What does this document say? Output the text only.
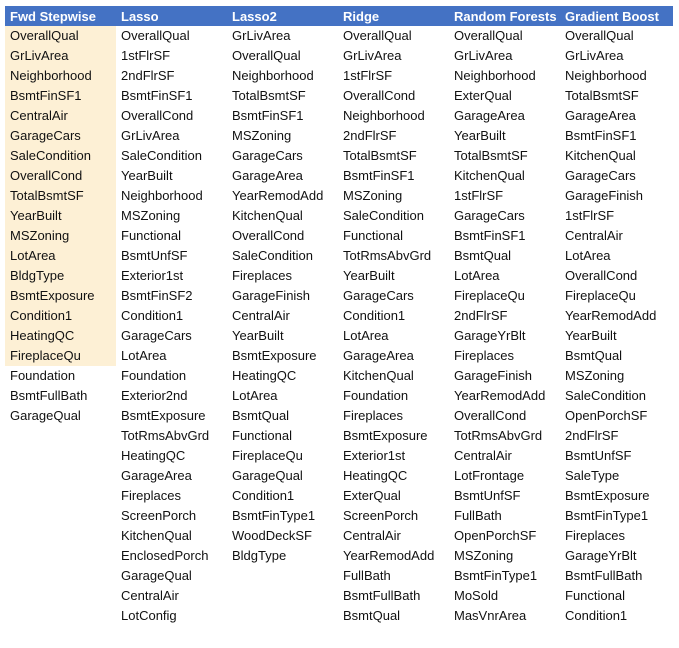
Fwd Stepwise	Lasso	Lasso2	Ridge	Random Forests	Gradient Boost
OverallQual	OverallQual	GrLivArea	OverallQual	OverallQual	OverallQual
GrLivArea	1stFlrSF	OverallQual	GrLivArea	GrLivArea	GrLivArea
Neighborhood	2ndFlrSF	Neighborhood	1stFlrSF	Neighborhood	Neighborhood
BsmtFinSF1	BsmtFinSF1	TotalBsmtSF	OverallCond	ExterQual	TotalBsmtSF
CentralAir	OverallCond	BsmtFinSF1	Neighborhood	GarageArea	GarageArea
GarageCars	GrLivArea	MSZoning	2ndFlrSF	YearBuilt	BsmtFinSF1
SaleCondition	SaleCondition	GarageCars	TotalBsmtSF	TotalBsmtSF	KitchenQual
OverallCond	YearBuilt	GarageArea	BsmtFinSF1	KitchenQual	GarageCars
TotalBsmtSF	Neighborhood	YearRemodAdd	MSZoning	1stFlrSF	GarageFinish
YearBuilt	MSZoning	KitchenQual	SaleCondition	GarageCars	1stFlrSF
MSZoning	Functional	OverallCond	Functional	BsmtFinSF1	CentralAir
LotArea	BsmtUnfSF	SaleCondition	TotRmsAbvGrd	BsmtQual	LotArea
BldgType	Exterior1st	Fireplaces	YearBuilt	LotArea	OverallCond
BsmtExposure	BsmtFinSF2	GarageFinish	GarageCars	FireplaceQu	FireplaceQu
Condition1	Condition1	CentralAir	Condition1	2ndFlrSF	YearRemodAdd
HeatingQC	GarageCars	YearBuilt	LotArea	GarageYrBlt	YearBuilt
FireplaceQu	LotArea	BsmtExposure	GarageArea	Fireplaces	BsmtQual
Foundation	Foundation	HeatingQC	KitchenQual	GarageFinish	MSZoning
BsmtFullBath	Exterior2nd	LotArea	Foundation	YearRemodAdd	SaleCondition
GarageQual	BsmtExposure	BsmtQual	Fireplaces	OverallCond	OpenPorchSF
	TotRmsAbvGrd	Functional	BsmtExposure	TotRmsAbvGrd	2ndFlrSF
	HeatingQC	FireplaceQu	Exterior1st	CentralAir	BsmtUnfSF
	GarageArea	GarageQual	HeatingQC	LotFrontage	SaleType
	Fireplaces	Condition1	ExterQual	BsmtUnfSF	BsmtExposure
	ScreenPorch	BsmtFinType1	ScreenPorch	FullBath	BsmtFinType1
	KitchenQual	WoodDeckSF	CentralAir	OpenPorchSF	Fireplaces
	EnclosedPorch	BldgType	YearRemodAdd	MSZoning	GarageYrBlt
	GarageQual		FullBath	BsmtFinType1	BsmtFullBath
	CentralAir		BsmtFullBath	MoSold	Functional
	LotConfig		BsmtQual	MasVnrArea	Condition1
